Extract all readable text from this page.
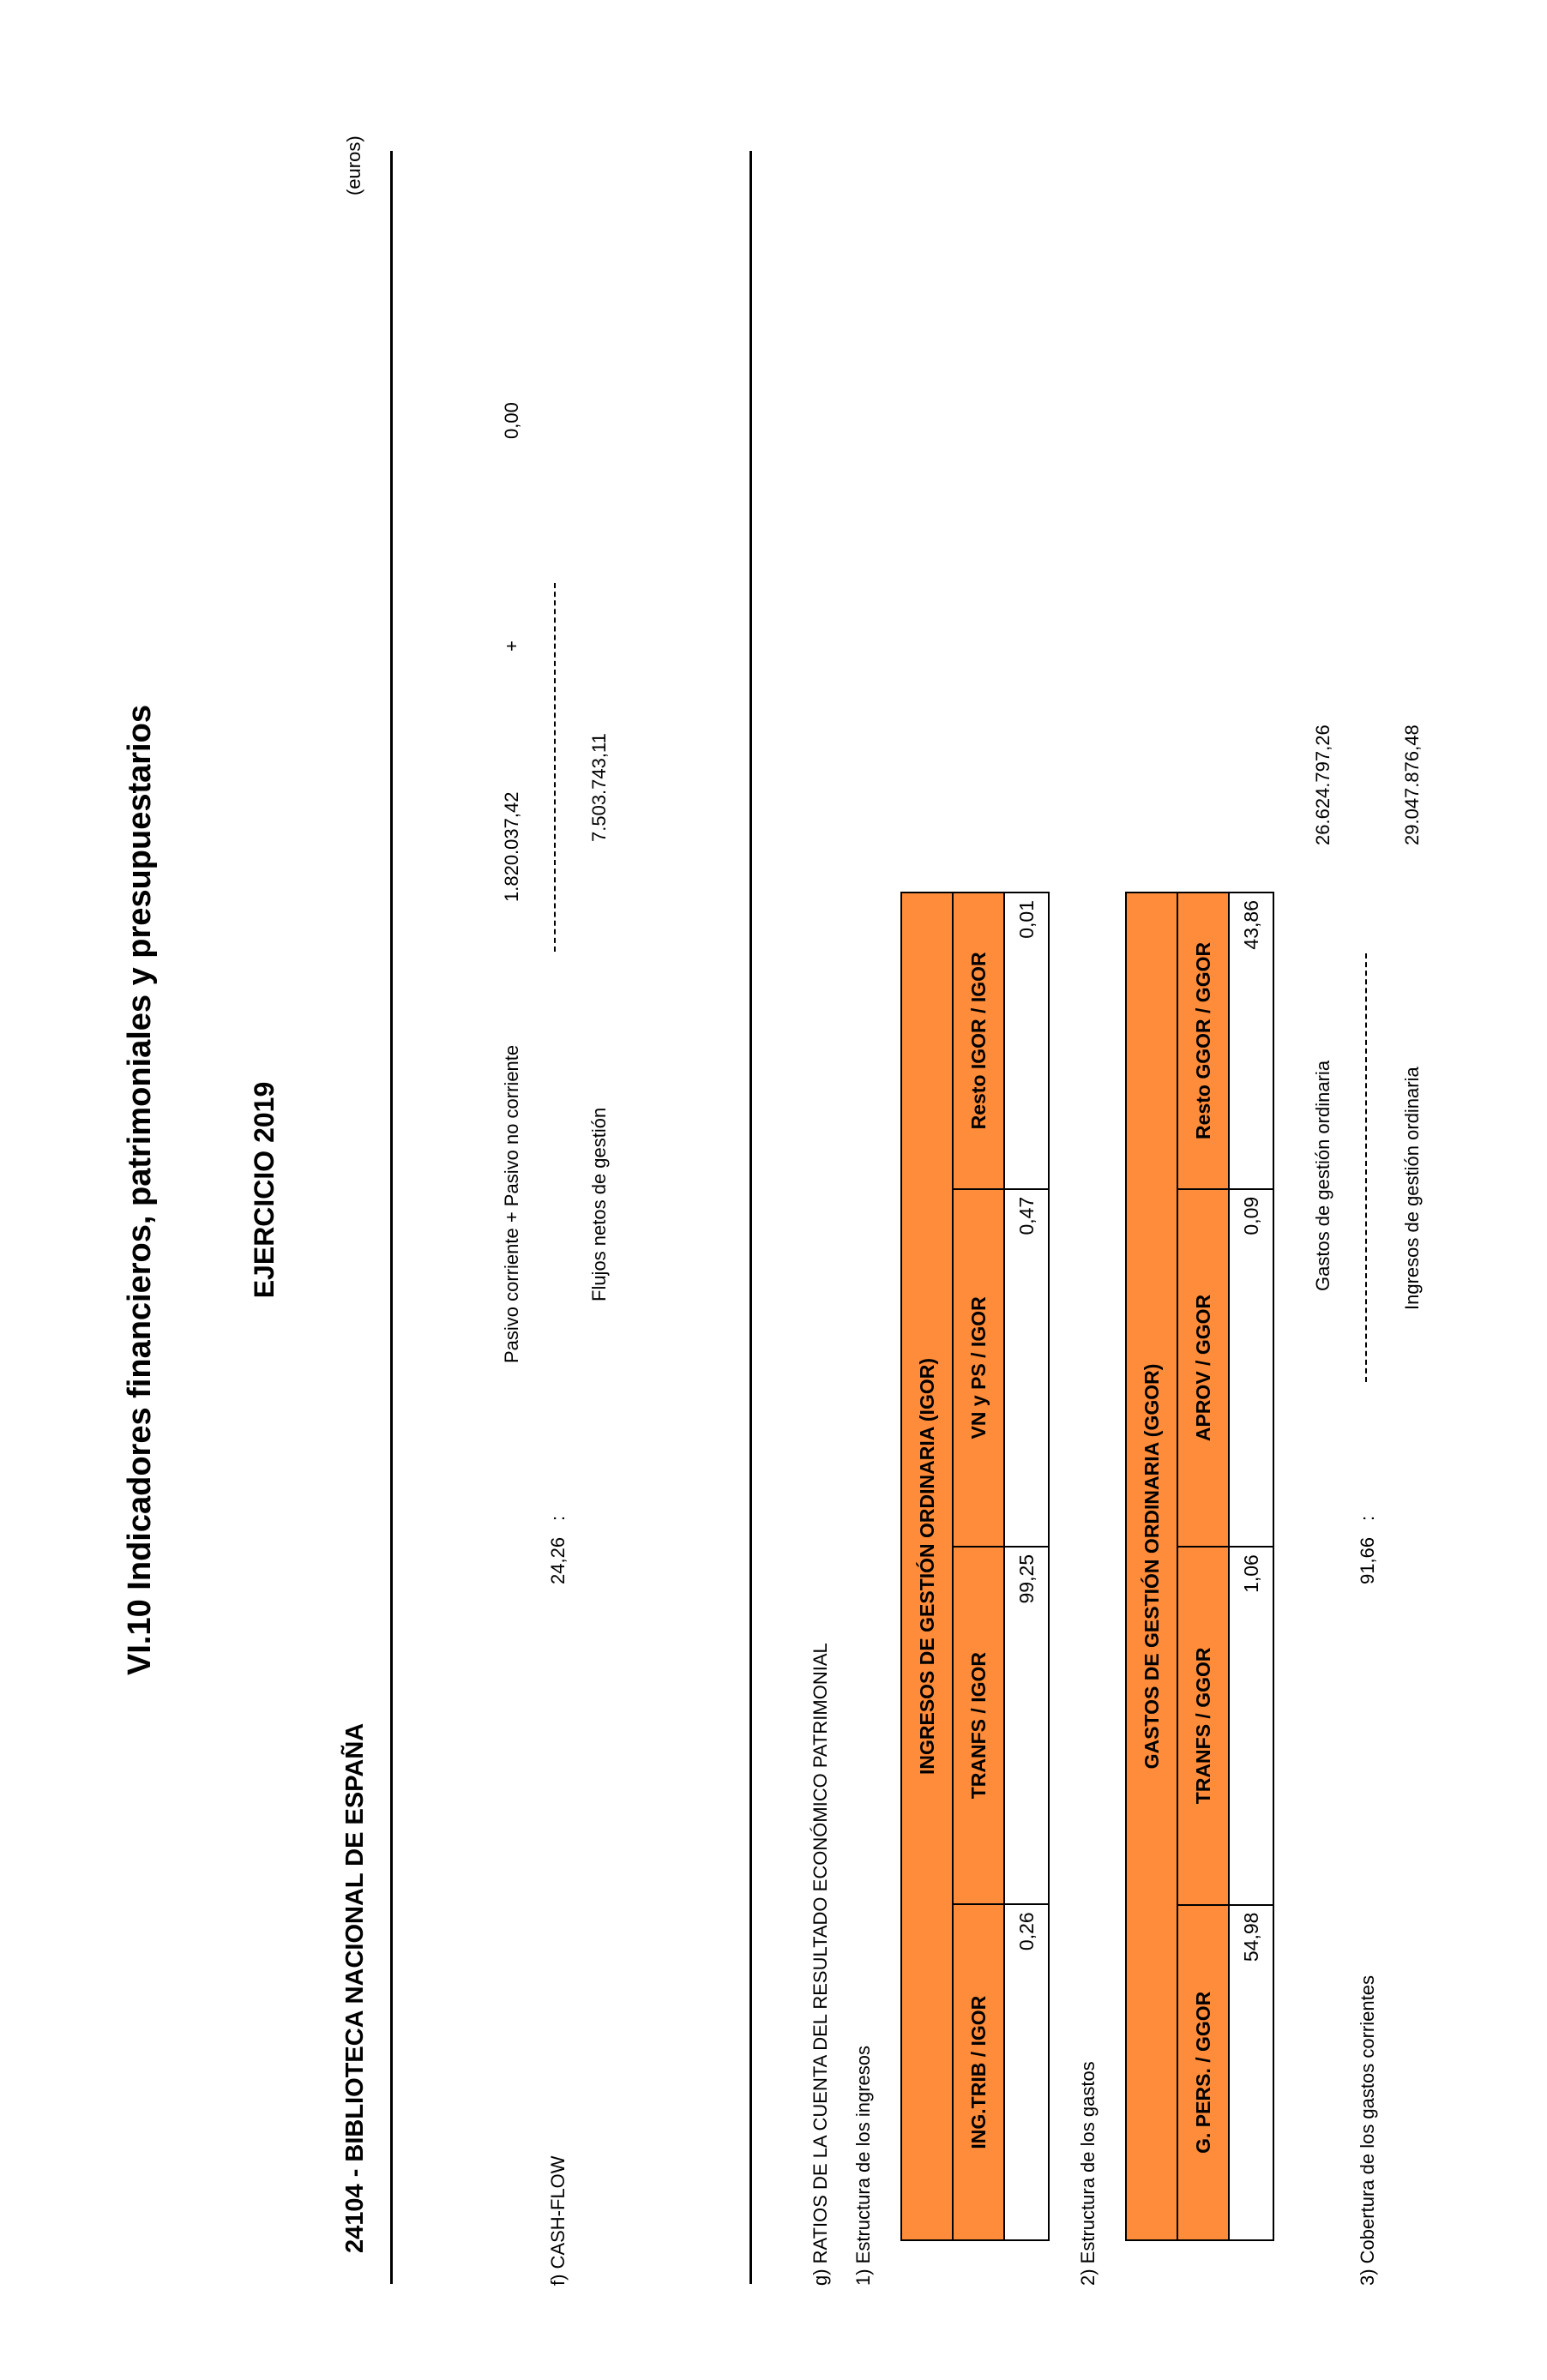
VI.10 Indicadores financieros, patrimoniales y presupuestarios	EJERCICIO 2019
24104 - BIBLIOTECA NACIONAL DE ESPAÑA
(euros)
f) CASH-FLOW
24,26
:
Pasivo corriente + Pasivo no corriente
1.820.037,42
+
0,00
Flujos netos de gestión
7.503.743,11
g) RATIOS DE LA CUENTA DEL RESULTADO ECONÓMICO PATRIMONIAL 1) Estructura de los ingresos
INGRESOS DE GESTIÓN ORDINARIA (IGOR)			
ING.TRIB / IGOR	TRANFS / IGOR	VN y PS / IGOR	Resto IGOR / IGOR
0,26	99,25	0,47	0,01
2) Estructura de los gastos
GASTOS DE GESTIÓN ORDINARIA (GGOR)			
G. PERS. / GGOR	TRANFS / GGOR	APROV / GGOR	Resto GGOR / GGOR
54,98	1,06	0,09	43,86
3) Cobertura de los gastos corrientes
91,66
:
Gastos de gestión ordinaria
26.624.797,26
Ingresos de gestión ordinaria
29.047.876,48
